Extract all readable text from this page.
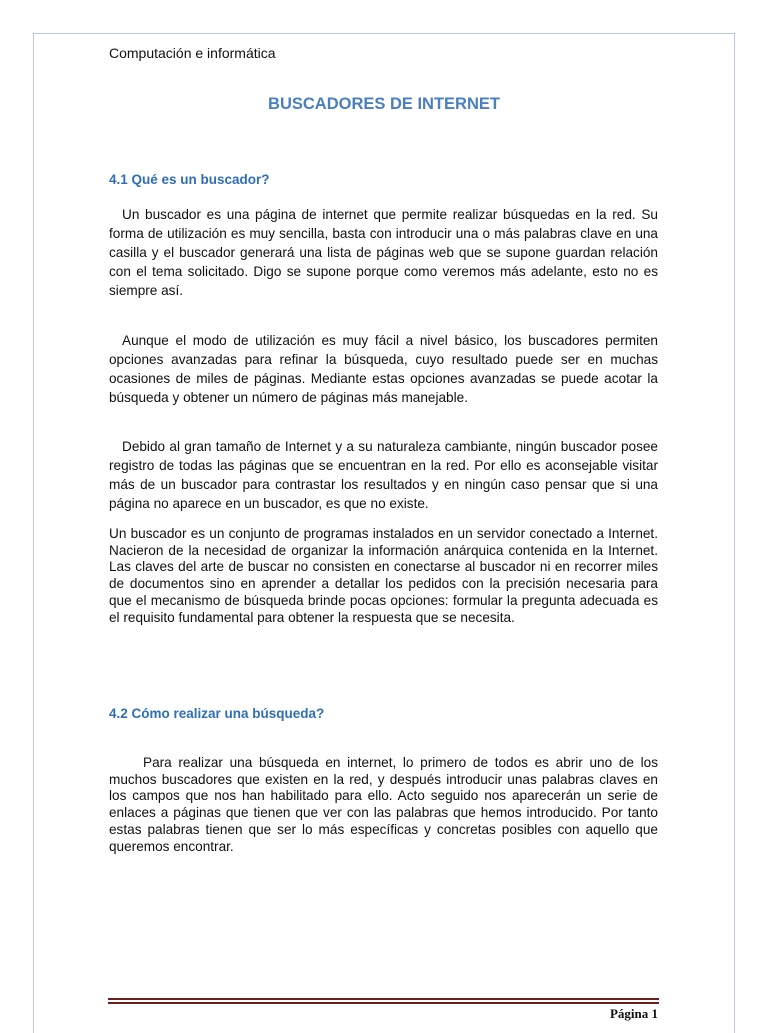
Computación e informática
BUSCADORES DE INTERNET
4.1 Qué es un buscador?

Un buscador es una página de internet que permite realizar búsquedas en la red. Su forma de utilización es muy sencilla, basta con introducir una o más palabras clave en una casilla y el buscador generará una lista de páginas web que se supone guardan relación con el tema solicitado. Digo se supone porque como veremos más adelante, esto no es siempre así.

Aunque el modo de utilización es muy fácil a nivel básico, los buscadores permiten opciones avanzadas para refinar la búsqueda, cuyo resultado puede ser en muchas ocasiones de miles de páginas. Mediante estas opciones avanzadas se puede acotar la búsqueda y obtener un número de páginas más manejable.

Debido al gran tamaño de Internet y a su naturaleza cambiante, ningún buscador posee registro de todas las páginas que se encuentran en la red. Por ello es aconsejable visitar más de un buscador para contrastar los resultados y en ningún caso pensar que si una página no aparece en un buscador, es que no existe.

Un buscador es un conjunto de programas instalados en un servidor conectado a Internet. Nacieron de la necesidad de organizar la información anárquica contenida en la Internet. Las claves del arte de buscar no consisten en conectarse al buscador ni en recorrer miles de documentos sino en aprender a detallar los pedidos con la precisión necesaria para que el mecanismo de búsqueda brinde pocas opciones: formular la pregunta adecuada es el requisito fundamental para obtener la respuesta que se necesita.

4.2 Cómo realizar una búsqueda?

Para realizar una búsqueda en internet, lo primero de todos es abrir uno de los muchos buscadores que existen en la red, y después introducir unas palabras claves en los campos que nos han habilitado para ello. Acto seguido nos aparecerán un serie de enlaces a páginas que tienen que ver con las palabras que hemos introducido. Por tanto estas palabras tienen que ser lo más específicas y concretas posibles con aquello que queremos encontrar.

Página 1
